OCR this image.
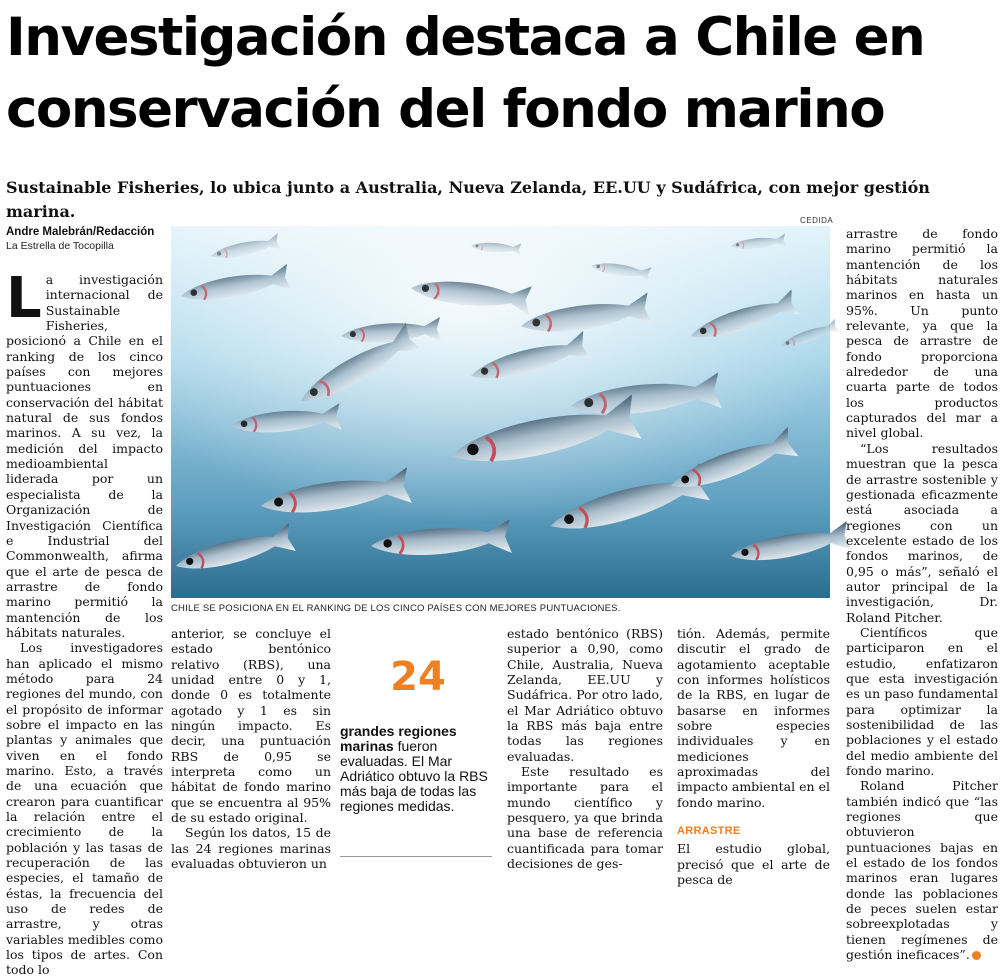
Investigación destaca a Chile en conservación del fondo marino

Sustainable Fisheries, lo ubica junto a Australia, Nueva Zelanda, EE.UU y Sudáfrica, con mejor gestión marina.

Andre Malebrán/Redacción
La Estrella de Tocopilla
CEDIDA
CHILE SE POSICIONA EN EL RANKING DE LOS CINCO PAÍSES CON MEJORES PUNTUACIONES.

La investigación internacional de Sustainable Fisheries, posicionó a Chile en el ranking de los cinco países con mejores puntuaciones en conservación del hábitat natural de sus fondos marinos. A su vez, la medición del impacto medioambiental liderada por un especialista de la Organización de Investigación Científica e Industrial del Commonwealth, afirma que el arte de pesca de arrastre de fondo marino permitió la mantención de los hábitats naturales.

Los investigadores han aplicado el mismo método para 24 regiones del mundo, con el propósito de informar sobre el impacto en las plantas y animales que viven en el fondo marino. Esto, a través de una ecuación que crearon para cuantificar la relación entre el crecimiento de la población y las tasas de recuperación de las especies, el tamaño de éstas, la frecuencia del uso de redes de arrastre, y otras variables medibles como los tipos de artes. Con todo lo

anterior, se concluye el estado bentónico relativo (RBS), una unidad entre 0 y 1, donde 0 es totalmente agotado y 1 es sin ningún impacto. Es decir, una puntuación RBS de 0,95 se interpreta como un hábitat de fondo marino que se encuentra al 95% de su estado original.

Según los datos, 15 de las 24 regiones marinas evaluadas obtuvieron un

24
grandes regiones marinas fueron evaluadas. El Mar Adriático obtuvo la RBS más baja de todas las regiones medidas.

estado bentónico (RBS) superior a 0,90, como Chile, Australia, Nueva Zelanda, EE.UU y Sudáfrica. Por otro lado, el Mar Adriático obtuvo la RBS más baja entre todas las regiones evaluadas.

Este resultado es importante para el mundo científico y pesquero, ya que brinda una base de referencia cuantificada para tomar decisiones de ges-

tión. Además, permite discutir el grado de agotamiento aceptable con informes holísticos de la RBS, en lugar de basarse en informes sobre especies individuales y en mediciones aproximadas del impacto ambiental en el fondo marino.

ARRASTRE

El estudio global, precisó que el arte de pesca de

arrastre de fondo marino permitió la mantención de los hábitats naturales marinos en hasta un 95%. Un punto relevante, ya que la pesca de arrastre de fondo proporciona alrededor de una cuarta parte de todos los productos capturados del mar a nivel global.

“Los resultados muestran que la pesca de arrastre sostenible y gestionada eficazmente está asociada a regiones con un excelente estado de los fondos marinos, de 0,95 o más”, señaló el autor principal de la investigación, Dr. Roland Pitcher.

Científicos que participaron en el estudio, enfatizaron que esta investigación es un paso fundamental para optimizar la sostenibilidad de las poblaciones y el estado del medio ambiente del fondo marino.

Roland Pitcher también indicó que “las regiones que obtuvieron puntuaciones bajas en el estado de los fondos marinos eran lugares donde las poblaciones de peces suelen estar sobreexplotadas y tienen regímenes de gestión ineficaces”.
